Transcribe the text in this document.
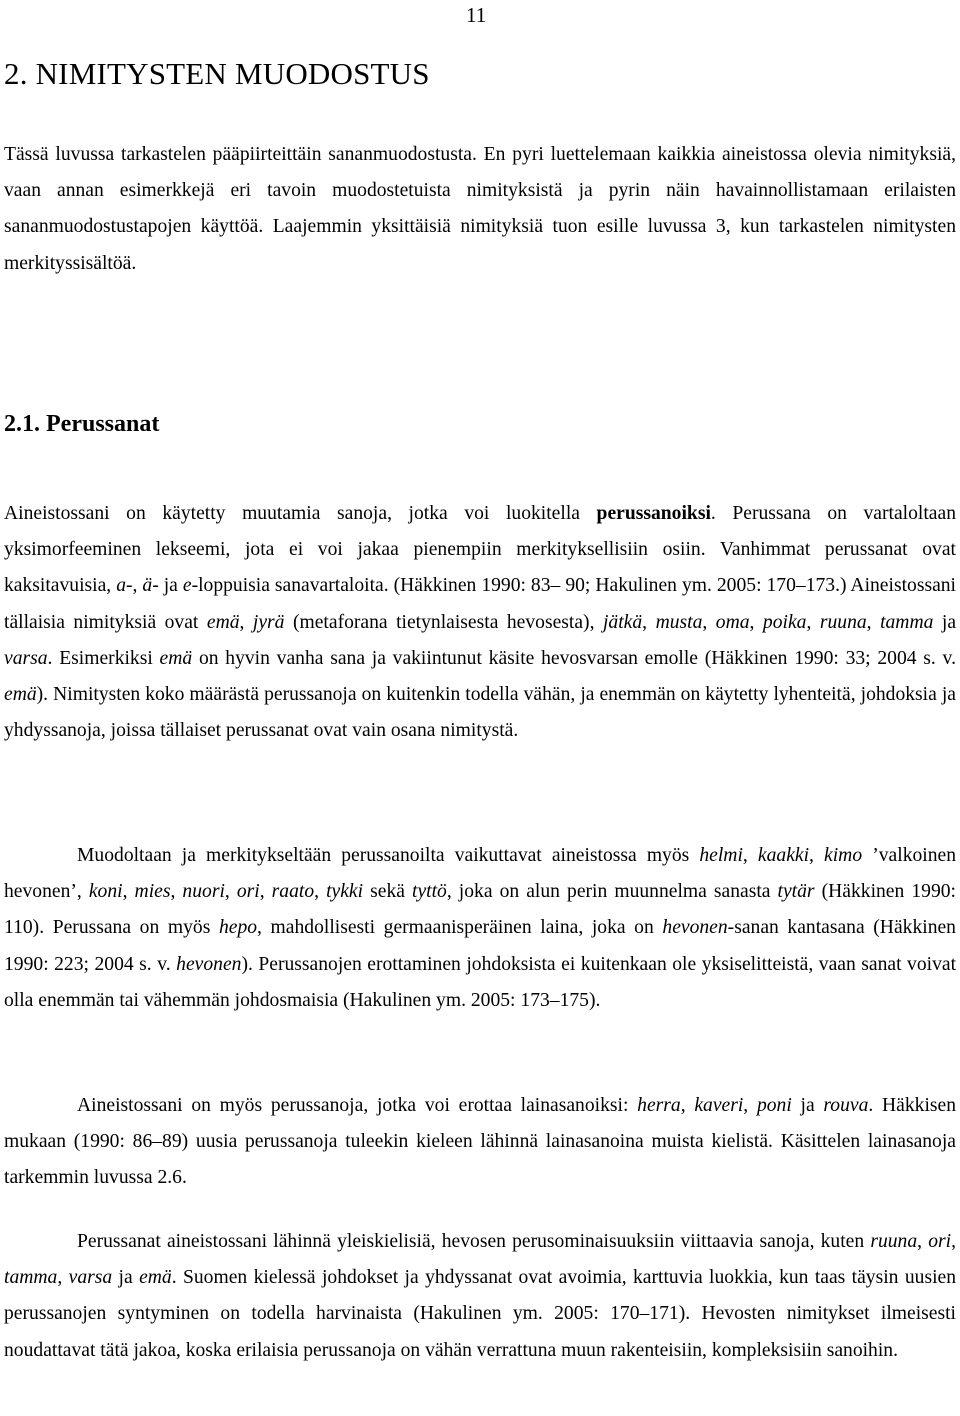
11
2. NIMITYSTEN MUODOSTUS

Tässä luvussa tarkastelen pääpiirteittäin sananmuodostusta. En pyri luettelemaan kaikkia aineistossa olevia nimityksiä, vaan annan esimerkkejä eri tavoin muodostetuista nimityksistä ja pyrin näin havainnollistamaan erilaisten sananmuodostustapojen käyttöä. Laajemmin yksittäisiä nimityksiä tuon esille luvussa 3, kun tarkastelen nimitysten merkityssisältöä.

2.1. Perussanat

Aineistossani on käytetty muutamia sanoja, jotka voi luokitella perussanoiksi. Perussana on vartaloltaan yksimorfeeminen lekseemi, jota ei voi jakaa pienempiin merkityksellisiin osiin. Vanhimmat perussanat ovat kaksitavuisia, a-, ä- ja e-loppuisia sanavartaloita. (Häkkinen 1990: 83– 90; Hakulinen ym. 2005: 170–173.) Aineistossani tällaisia nimityksiä ovat emä, jyrä (metaforana tietynlaisesta hevosesta), jätkä, musta, oma, poika, ruuna, tamma ja varsa. Esimerkiksi emä on hyvin vanha sana ja vakiintunut käsite hevosvarsan emolle (Häkkinen 1990: 33; 2004 s. v. emä). Nimitysten koko määrästä perussanoja on kuitenkin todella vähän, ja enemmän on käytetty lyhenteitä, johdoksia ja yhdyssanoja, joissa tällaiset perussanat ovat vain osana nimitystä.

Muodoltaan ja merkitykseltään perussanoilta vaikuttavat aineistossa myös helmi, kaakki, kimo ’valkoinen hevonen’, koni, mies, nuori, ori, raato, tykki sekä tyttö, joka on alun perin muunnelma sanasta tytär (Häkkinen 1990: 110). Perussana on myös hepo, mahdollisesti germaanisperäinen laina, joka on hevonen-sanan kantasana (Häkkinen 1990: 223; 2004 s. v. hevonen). Perussanojen erottaminen johdoksista ei kuitenkaan ole yksiselitteistä, vaan sanat voivat olla enemmän tai vähemmän johdosmaisia (Hakulinen ym. 2005: 173–175).

Aineistossani on myös perussanoja, jotka voi erottaa lainasanoiksi: herra, kaveri, poni ja rouva. Häkkisen mukaan (1990: 86–89) uusia perussanoja tuleekin kieleen lähinnä lainasanoina muista kielistä. Käsittelen lainasanoja tarkemmin luvussa 2.6.

Perussanat aineistossani lähinnä yleiskielisiä, hevosen perusominaisuuksiin viittaavia sanoja, kuten ruuna, ori, tamma, varsa ja emä. Suomen kielessä johdokset ja yhdyssanat ovat avoimia, karttuvia luokkia, kun taas täysin uusien perussanojen syntyminen on todella harvinaista (Hakulinen ym. 2005: 170–171). Hevosten nimitykset ilmeisesti noudattavat tätä jakoa, koska erilaisia perussanoja on vähän verrattuna muun rakenteisiin, kompleksisiin sanoihin.
